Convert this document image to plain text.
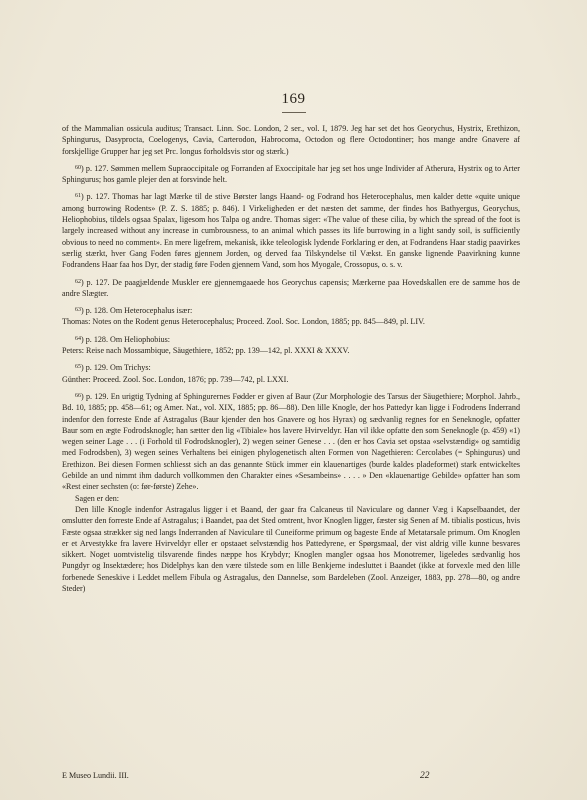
169

of the Mammalian ossicula auditus; Transact. Linn. Soc. London, 2 ser., vol. I, 1879. Jeg har set det hos Georychus, Hystrix, Erethizon, Sphingurus, Dasyprocta, Coelogenys, Cavia, Carterodon, Habrocoma, Octodon og flere Octodontiner; hos mange andre Gnavere af forskjellige Grupper har jeg set Prc. longus forholdsvis stor og stærk.)

$^{60}$) p. 127. Sømmen mellem Supraoccipitale og Forranden af Exoccipitale har jeg set hos unge Individer af Atherura, Hystrix og to Arter Sphingurus; hos gamle plejer den at forsvinde helt.

$^{61}$) p. 127. Thomas har lagt Mærke til de stive Børster langs Haand- og Fodrand hos Heterocephalus, men kalder dette «quite unique among burrowing Rodents» (P. Z. S. 1885; p. 846). I Virkeligheden er det næsten det samme, der findes hos Bathyergus, Georychus, Heliophobius, tildels ogsaa Spalax, ligesom hos Talpa og andre. Thomas siger: «The value of these cilia, by which the spread of the foot is largely increased without any increase in cumbrousness, to an animal which passes its life burrowing in a light sandy soil, is sufficiently obvious to need no comment». En mere ligefrem, mekanisk, ikke teleologisk lydende Forklaring er den, at Fodrandens Haar stadig paavirkes særlig stærkt, hver Gang Foden føres gjennem Jorden, og derved faa Tilskyndelse til Vækst. En ganske lignende Paavirkning kunne Fodrandens Haar faa hos Dyr, der stadig føre Foden gjennem Vand, som hos Myogale, Crossopus, o. s. v.

$^{62}$) p. 127. De paagjældende Muskler ere gjennemgaaede hos Georychus capensis; Mærkerne paa Hovedskallen ere de samme hos de andre Slægter.

$^{63}$) p. 128. Om Heterocephalus især:

Thomas: Notes on the Rodent genus Heterocephalus; Proceed. Zool. Soc. London, 1885; pp. 845—849, pl. LIV.

$^{64}$) p. 128. Om Heliophobius:

Peters: Reise nach Mossambique, Säugethiere, 1852; pp. 139—142, pl. XXXI & XXXV.

$^{65}$) p. 129. Om Trichys:

Günther: Proceed. Zool. Soc. London, 1876; pp. 739—742, pl. LXXI.

$^{66}$) p. 129. En urigtig Tydning af Sphingurernes Fødder er given af Baur (Zur Morphologie des Tarsus der Säugethiere; Morphol. Jahrb., Bd. 10, 1885; pp. 458—61; og Amer. Nat., vol. XIX, 1885; pp. 86—88). Den lille Knogle, der hos Pattedyr kan ligge i Fodrodens Inderrand indenfor den forreste Ende af Astragalus (Baur kjender den hos Gnavere og hos Hyrax) og sædvanlig regnes for en Seneknogle, opfatter Baur som en ægte Fodrodsknogle; han sætter den lig «Tibiale» hos lavere Hvirveldyr. Han vil ikke opfatte den som Seneknogle (p. 459) «1) wegen seiner Lage . . . (i Forhold til Fodrodsknogler), 2) wegen seiner Genese . . . (den er hos Cavia set opstaa «selvstændig» og samtidig med Fodrodsben), 3) wegen seines Verhaltens bei einigen phylogenetisch alten Formen von Nagethieren: Cercolabes (= Sphingurus) und Erethizon. Bei diesen Formen schliesst sich an das genannte Stück immer ein klauenartiges (burde kaldes pladeformet) stark entwickeltes Gebilde an und nimmt ihm dadurch vollkommen den Charakter eines «Sesambeins» . . . . » Den «klauenartige Gebilde» opfatter han som «Rest einer sechsten (o: før-første) Zehe».

Sagen er den:

Den lille Knogle indenfor Astragalus ligger i et Baand, der gaar fra Calcaneus til Naviculare og danner Væg i Kapselbaandet, der omslutter den forreste Ende af Astragalus; i Baandet, paa det Sted omtrent, hvor Knoglen ligger, fæster sig Senen af M. tibialis posticus, hvis Fæste ogsaa strækker sig ned langs Inderranden af Naviculare til Cuneiforme primum og bageste Ende af Metatarsale primum. Om Knoglen er et Arvestykke fra lavere Hvirveldyr eller er opstaaet selvstændig hos Pattedyrene, er Spørgsmaal, der vist aldrig ville kunne besvares sikkert. Noget uomtvistelig tilsvarende findes næppe hos Krybdyr; Knoglen mangler ogsaa hos Monotremer, ligeledes sædvanlig hos Pungdyr og Insektædere; hos Didelphys kan den være tilstede som en lille Benkjerne indesluttet i Baandet (ikke at forvexle med den lille forbenede Seneskive i Leddet mellem Fibula og Astragalus, den Dannelse, som Bardeleben (Zool. Anzeiger, 1883, pp. 278—80, og andre Steder)

E Museo Lundii. III.	22
